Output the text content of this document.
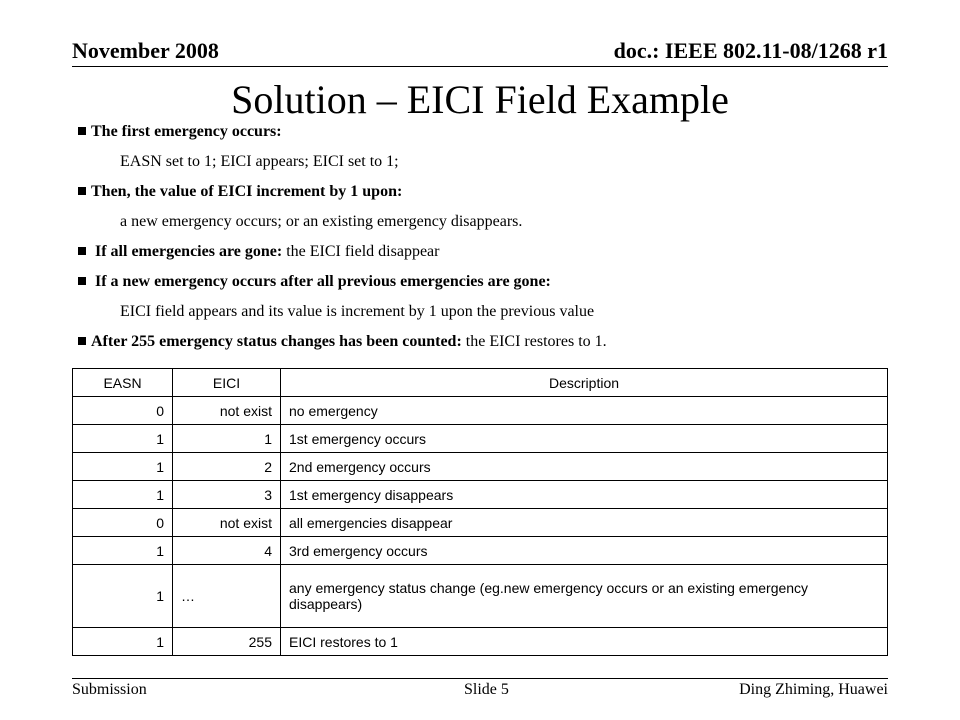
November 2008	doc.: IEEE 802.11-08/1268 r1
Solution – EICI Field Example
The first emergency occurs:
EASN set to 1; EICI appears; EICI set to 1;
Then, the value of EICI increment by 1 upon:
a new emergency occurs; or an existing emergency disappears.
If all emergencies are gone: the EICI field disappear
If a new emergency occurs after all previous emergencies are gone:
EICI field appears and its value is increment by 1 upon the previous value
After 255 emergency status changes has been counted: the EICI restores to 1.
EASN	EICI	Description
0	not exist	no emergency
1	1	1st emergency occurs
1	2	2nd emergency occurs
1	3	1st emergency disappears
0	not exist	all emergencies disappear
1	4	3rd emergency occurs
1	…	any emergency status change (eg.new emergency occurs or an existing emergency disappears)
1	255	EICI restores to 1
Submission	Slide 5	Ding Zhiming, Huawei
